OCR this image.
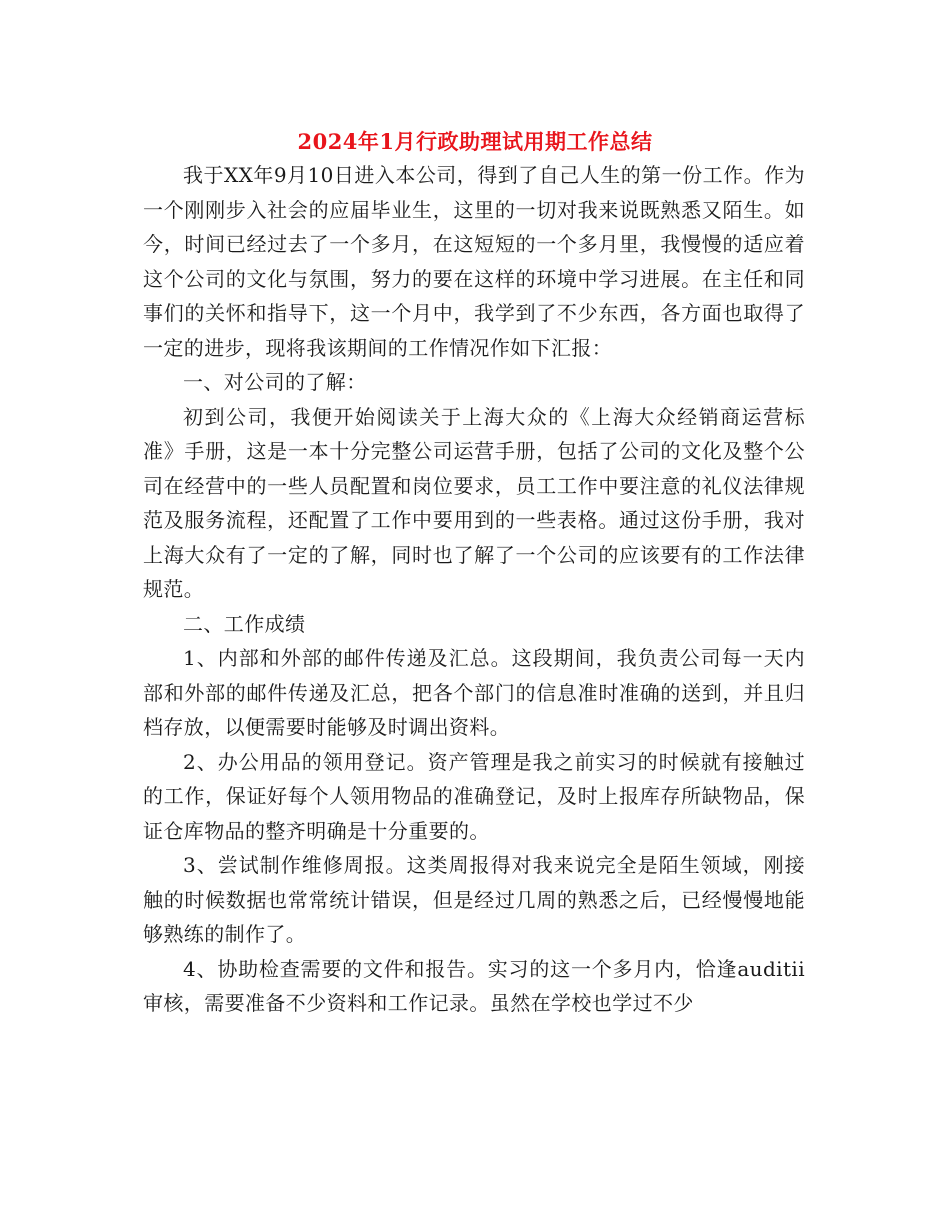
2024年1月行政助理试用期工作总结

我于XX年9月10日进入本公司，得到了自己人生的第一份工作。作为一个刚刚步入社会的应届毕业生，这里的一切对我来说既熟悉又陌生。如今，时间已经过去了一个多月，在这短短的一个多月里，我慢慢的适应着这个公司的文化与氛围，努力的要在这样的环境中学习进展。在主任和同事们的关怀和指导下，这一个月中，我学到了不少东西，各方面也取得了一定的进步，现将我该期间的工作情况作如下汇报：

一、对公司的了解：

初到公司，我便开始阅读关于上海大众的《上海大众经销商运营标准》手册，这是一本十分完整公司运营手册，包括了公司的文化及整个公司在经营中的一些人员配置和岗位要求，员工工作中要注意的礼仪法律规范及服务流程，还配置了工作中要用到的一些表格。通过这份手册，我对上海大众有了一定的了解，同时也了解了一个公司的应该要有的工作法律规范。

二、工作成绩

1、内部和外部的邮件传递及汇总。这段期间，我负责公司每一天内部和外部的邮件传递及汇总，把各个部门的信息准时准确的送到，并且归档存放，以便需要时能够及时调出资料。

2、办公用品的领用登记。资产管理是我之前实习的时候就有接触过的工作，保证好每个人领用物品的准确登记，及时上报库存所缺物品，保证仓库物品的整齐明确是十分重要的。

3、尝试制作维修周报。这类周报得对我来说完全是陌生领域，刚接触的时候数据也常常统计错误，但是经过几周的熟悉之后，已经慢慢地能够熟练的制作了。

4、协助检查需要的文件和报告。实习的这一个多月内，恰逢auditii审核，需要准备不少资料和工作记录。虽然在学校也学过不少
